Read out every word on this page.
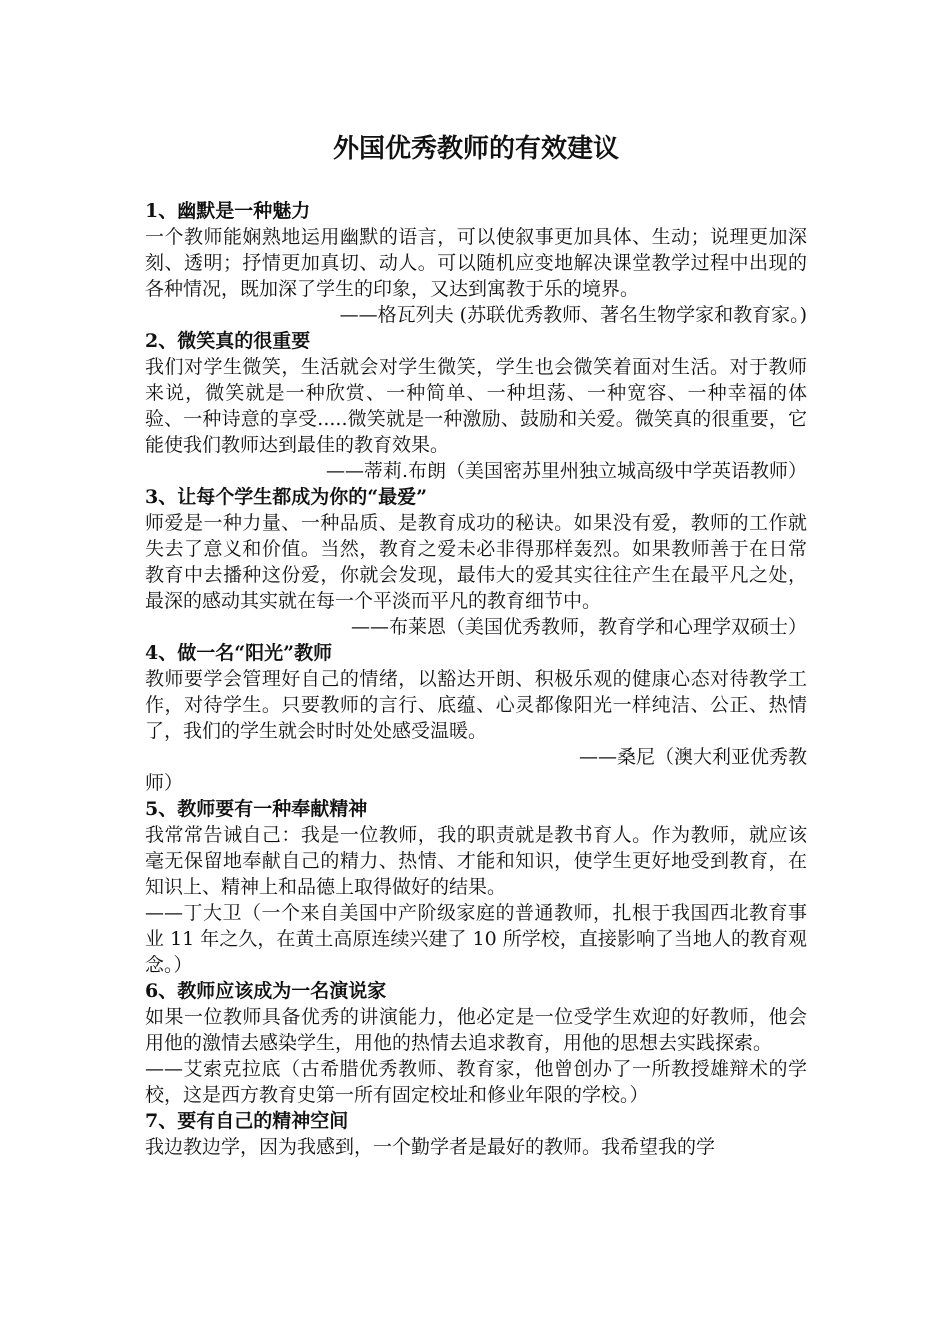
外国优秀教师的有效建议

1、幽默是一种魅力

一个教师能娴熟地运用幽默的语言，可以使叙事更加具体、生动；说理更加深刻、透明；抒情更加真切、动人。可以随机应变地解决课堂教学过程中出现的各种情况，既加深了学生的印象，又达到寓教于乐的境界。

——格瓦列夫 (苏联优秀教师、著名生物学家和教育家。)

2、微笑真的很重要

我们对学生微笑，生活就会对学生微笑，学生也会微笑着面对生活。对于教师来说，微笑就是一种欣赏、一种简单、一种坦荡、一种宽容、一种幸福的体验、一种诗意的享受.....微笑就是一种激励、鼓励和关爱。微笑真的很重要，它能使我们教师达到最佳的教育效果。

——蒂莉.布朗（美国密苏里州独立城高级中学英语教师）

3、让每个学生都成为你的“最爱”

师爱是一种力量、一种品质、是教育成功的秘诀。如果没有爱，教师的工作就失去了意义和价值。当然，教育之爱未必非得那样轰烈。如果教师善于在日常教育中去播种这份爱，你就会发现，最伟大的爱其实往往产生在最平凡之处，最深的感动其实就在每一个平淡而平凡的教育细节中。

——布莱恩（美国优秀教师，教育学和心理学双硕士）

4、做一名“阳光”教师

教师要学会管理好自己的情绪，以豁达开朗、积极乐观的健康心态对待教学工作，对待学生。只要教师的言行、底蕴、心灵都像阳光一样纯洁、公正、热情了，我们的学生就会时时处处感受温暖。

——桑尼（澳大利亚优秀教

师）

5、教师要有一种奉献精神

我常常告诫自己：我是一位教师，我的职责就是教书育人。作为教师，就应该毫无保留地奉献自己的精力、热情、才能和知识，使学生更好地受到教育，在知识上、精神上和品德上取得做好的结果。

——丁大卫（一个来自美国中产阶级家庭的普通教师，扎根于我国西北教育事业 11 年之久，在黄土高原连续兴建了 10 所学校，直接影响了当地人的教育观念。）

6、教师应该成为一名演说家

如果一位教师具备优秀的讲演能力，他必定是一位受学生欢迎的好教师，他会用他的激情去感染学生，用他的热情去追求教育，用他的思想去实践探索。

——艾索克拉底（古希腊优秀教师、教育家，他曾创办了一所教授雄辩术的学校，这是西方教育史第一所有固定校址和修业年限的学校。）

7、要有自己的精神空间

我边教边学，因为我感到，一个勤学者是最好的教师。我希望我的学
